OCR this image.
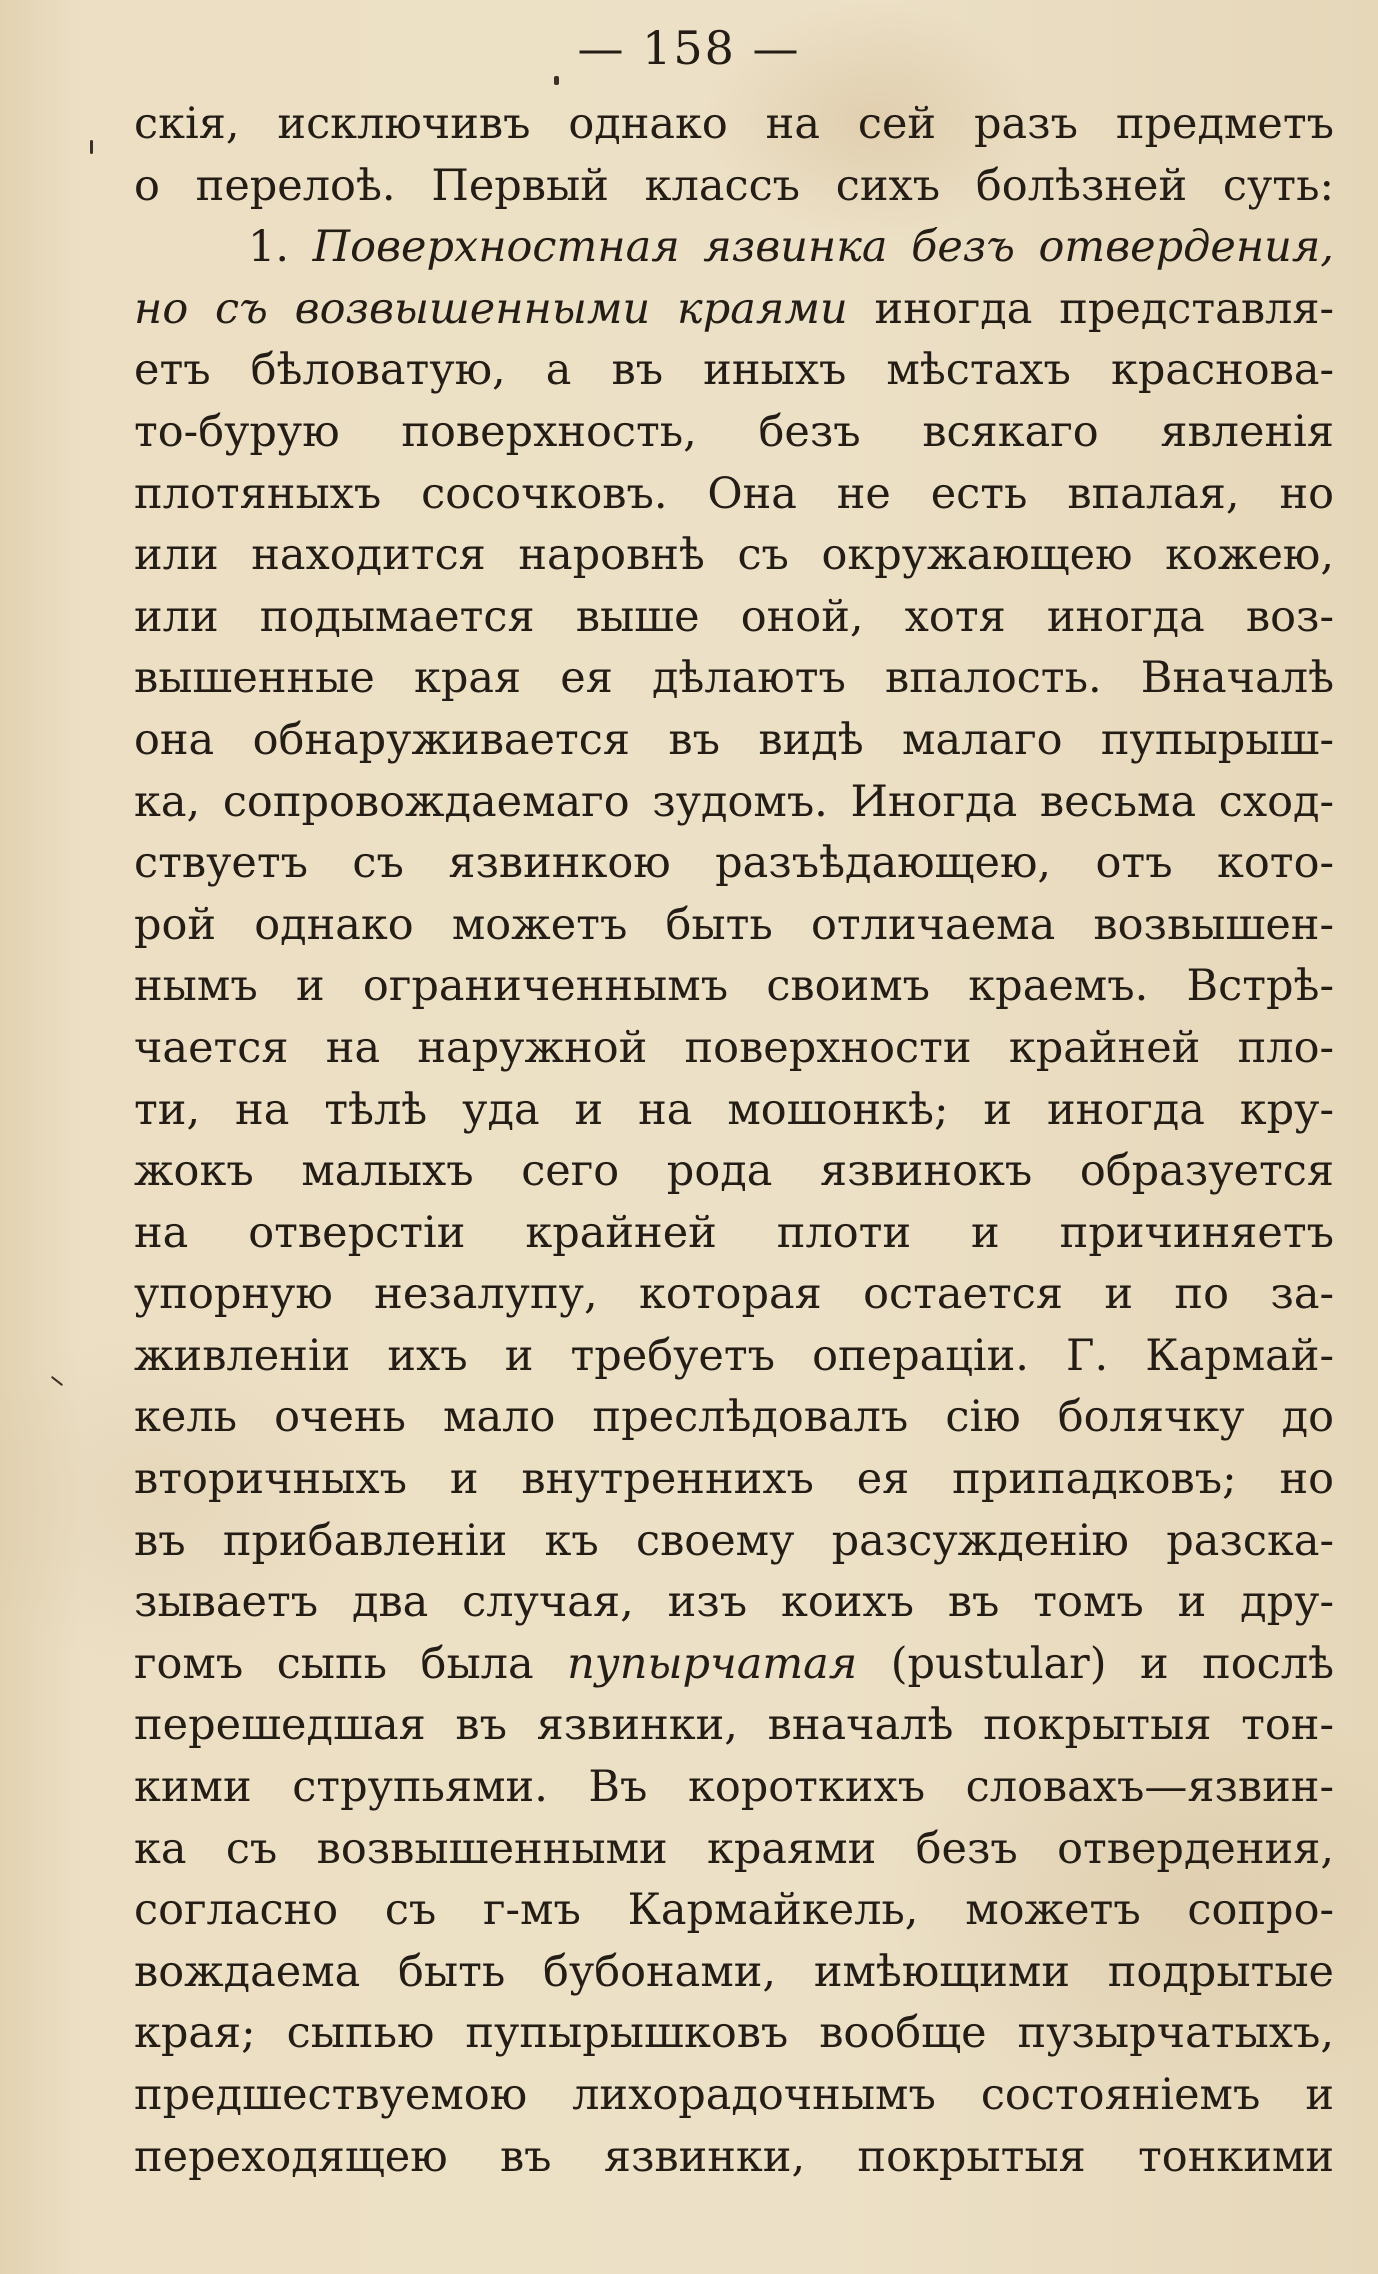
— 158 —
скія, исключивъ однако на сей разъ предметъ
о перелоѣ. Первый классъ сихъ болѣзней суть:
1. Поверхностная язвинка безъ отвердения,
но съ возвышенными краями иногда представля-
етъ бѣловатую, а въ иныхъ мѣстахъ красновa-
то-бурую поверхность, безъ всякаго явленія
плотяныхъ сосочковъ. Она не есть впалая, но
или находится наровнѣ съ окружающею кожею,
или подымается выше оной, хотя иногда воз-
вышенные края ея дѣлаютъ впалость. Вначалѣ
она обнаруживается въ видѣ малаго пупырыш-
ка, сопровождаемаго зудомъ. Иногда весьма сход-
ствуетъ съ язвинкою разъѣдающею, отъ кото-
рой однако можетъ быть отличаема возвышен-
нымъ и ограниченнымъ своимъ краемъ. Встрѣ-
чается на наружной поверхности крайней пло-
ти, на тѣлѣ уда и на мошонкѣ; и иногда кру-
жокъ малыхъ сего рода язвинокъ образуется
на отверстіи крайней плоти и причиняетъ
упорную незалупу, которая остается и по за-
живленіи ихъ и требуетъ операціи. Г. Кармай-
кель очень мало преслѣдовалъ сію болячку до
вторичныхъ и внутреннихъ ея припадковъ; но
въ прибавленіи къ своему разсужденію разска-
зываетъ два случая, изъ коихъ въ томъ и дру-
гомъ сыпь была пупырчатая (pustular) и послѣ
перешедшая въ язвинки, вначалѣ покрытыя тон-
кими струпьями. Въ короткихъ словахъ—язвин-
ка съ возвышенными краями безъ отвердения,
согласно съ г-мъ Кармайкель, можетъ сопро-
вождаема быть бубонами, имѣющими подрытые
края; сыпью пупырышковъ вообще пузырчатыхъ,
предшествуемою лихорадочнымъ состояніемъ и
переходящею въ язвинки, покрытыя тонкими
